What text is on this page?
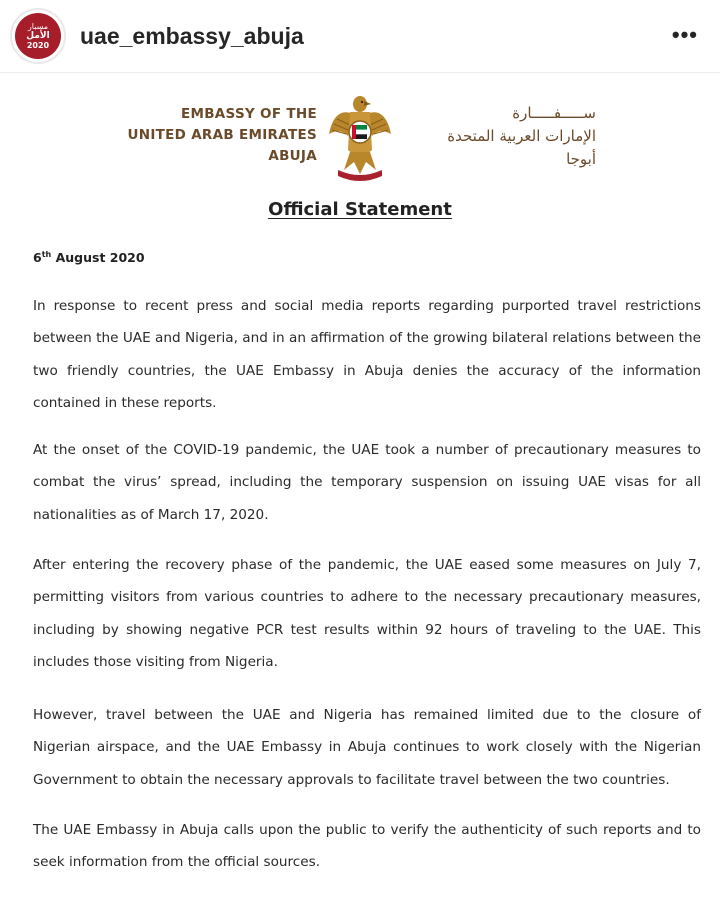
مسبار
الأمل
2020 uae_embassy_abuja	•••
EMBASSY OF THE
UNITED ARAB EMIRATES
ABUJA
ســـــفـــــارة
الإمارات العربية المتحدة
أبوجا
Official Statement
6th August 2020

In response to recent press and social media reports regarding purported travel restrictions between the UAE and Nigeria, and in an affirmation of the growing bilateral relations between the two friendly countries, the UAE Embassy in Abuja denies the accuracy of the information contained in these reports.

At the onset of the COVID-19 pandemic, the UAE took a number of precautionary measures to combat the virus’ spread, including the temporary suspension on issuing UAE visas for all nationalities as of March 17, 2020.

After entering the recovery phase of the pandemic, the UAE eased some measures on July 7, permitting visitors from various countries to adhere to the necessary precautionary measures, including by showing negative PCR test results within 92 hours of traveling to the UAE. This includes those visiting from Nigeria.

However, travel between the UAE and Nigeria has remained limited due to the closure of Nigerian airspace, and the UAE Embassy in Abuja continues to work closely with the Nigerian Government to obtain the necessary approvals to facilitate travel between the two countries.

The UAE Embassy in Abuja calls upon the public to verify the authenticity of such reports and to seek information from the official sources.
